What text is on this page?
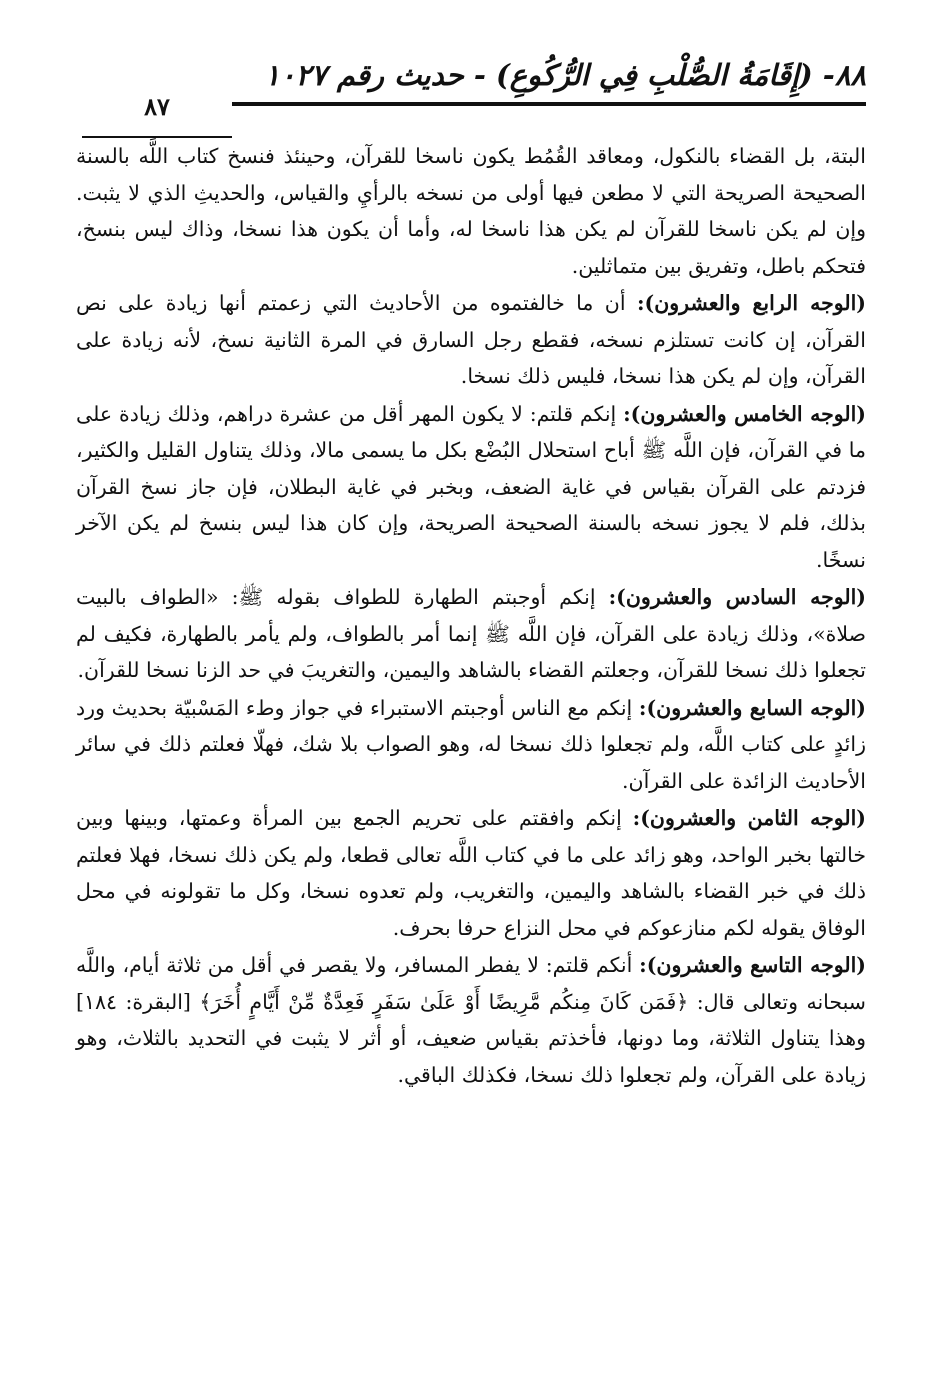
٨٨- (إِقَامَةُ الصُّلْبِ فِي الرُّكُوعِ) - حديث رقم ١٠٢٧
٨٧

البتة، بل القضاء بالنكول، ومعاقد القُمُط يكون ناسخا للقرآن، وحينئذ فنسخ كتاب اللَّه بالسنة الصحيحة الصريحة التي لا مطعن فيها أولى من نسخه بالرأيِ والقياس، والحديثِ الذي لا يثبت. وإن لم يكن ناسخا للقرآن لم يكن هذا ناسخا له، وأما أن يكون هذا نسخا، وذاك ليس بنسخ، فتحكم باطل، وتفريق بين متماثلين.

(الوجه الرابع والعشرون): أن ما خالفتموه من الأحاديث التي زعمتم أنها زيادة على نص القرآن، إن كانت تستلزم نسخه، فقطع رجل السارق في المرة الثانية نسخ، لأنه زيادة على القرآن، وإن لم يكن هذا نسخا، فليس ذلك نسخا.

(الوجه الخامس والعشرون): إنكم قلتم: لا يكون المهر أقل من عشرة دراهم، وذلك زيادة على ما في القرآن، فإن اللَّه ﷺ أباح استحلال البُضْع بكل ما يسمى مالا، وذلك يتناول القليل والكثير، فزدتم على القرآن بقياس في غاية الضعف، وبخبر في غاية البطلان، فإن جاز نسخ القرآن بذلك، فلم لا يجوز نسخه بالسنة الصحيحة الصريحة، وإن كان هذا ليس بنسخ لم يكن الآخر نسخًا.

(الوجه السادس والعشرون): إنكم أوجبتم الطهارة للطواف بقوله ﷺ: «الطواف بالبيت صلاة»، وذلك زيادة على القرآن، فإن اللَّه ﷺ إنما أمر بالطواف، ولم يأمر بالطهارة، فكيف لم تجعلوا ذلك نسخا للقرآن، وجعلتم القضاء بالشاهد واليمين، والتغريبَ في حد الزنا نسخا للقرآن.

(الوجه السابع والعشرون): إنكم مع الناس أوجبتم الاستبراء في جواز وطء المَسْبيّة بحديث ورد زائدٍ على كتاب اللَّه، ولم تجعلوا ذلك نسخا له، وهو الصواب بلا شك، فهلّا فعلتم ذلك في سائر الأحاديث الزائدة على القرآن.

(الوجه الثامن والعشرون): إنكم وافقتم على تحريم الجمع بين المرأة وعمتها، وبينها وبين خالتها بخبر الواحد، وهو زائد على ما في كتاب اللَّه تعالى قطعا، ولم يكن ذلك نسخا، فهلا فعلتم ذلك في خبر القضاء بالشاهد واليمين، والتغريب، ولم تعدوه نسخا، وكل ما تقولونه في محل الوفاق يقوله لكم منازعوكم في محل النزاع حرفا بحرف.

(الوجه التاسع والعشرون): أنكم قلتم: لا يفطر المسافر، ولا يقصر في أقل من ثلاثة أيام، واللَّه سبحانه وتعالى قال: ﴿فَمَن كَانَ مِنكُم مَّرِيضًا أَوْ عَلَىٰ سَفَرٍ فَعِدَّةٌ مِّنْ أَيَّامٍ أُخَرَ﴾ [البقرة: ١٨٤] وهذا يتناول الثلاثة، وما دونها، فأخذتم بقياس ضعيف، أو أثر لا يثبت في التحديد بالثلاث، وهو زيادة على القرآن، ولم تجعلوا ذلك نسخا، فكذلك الباقي.
